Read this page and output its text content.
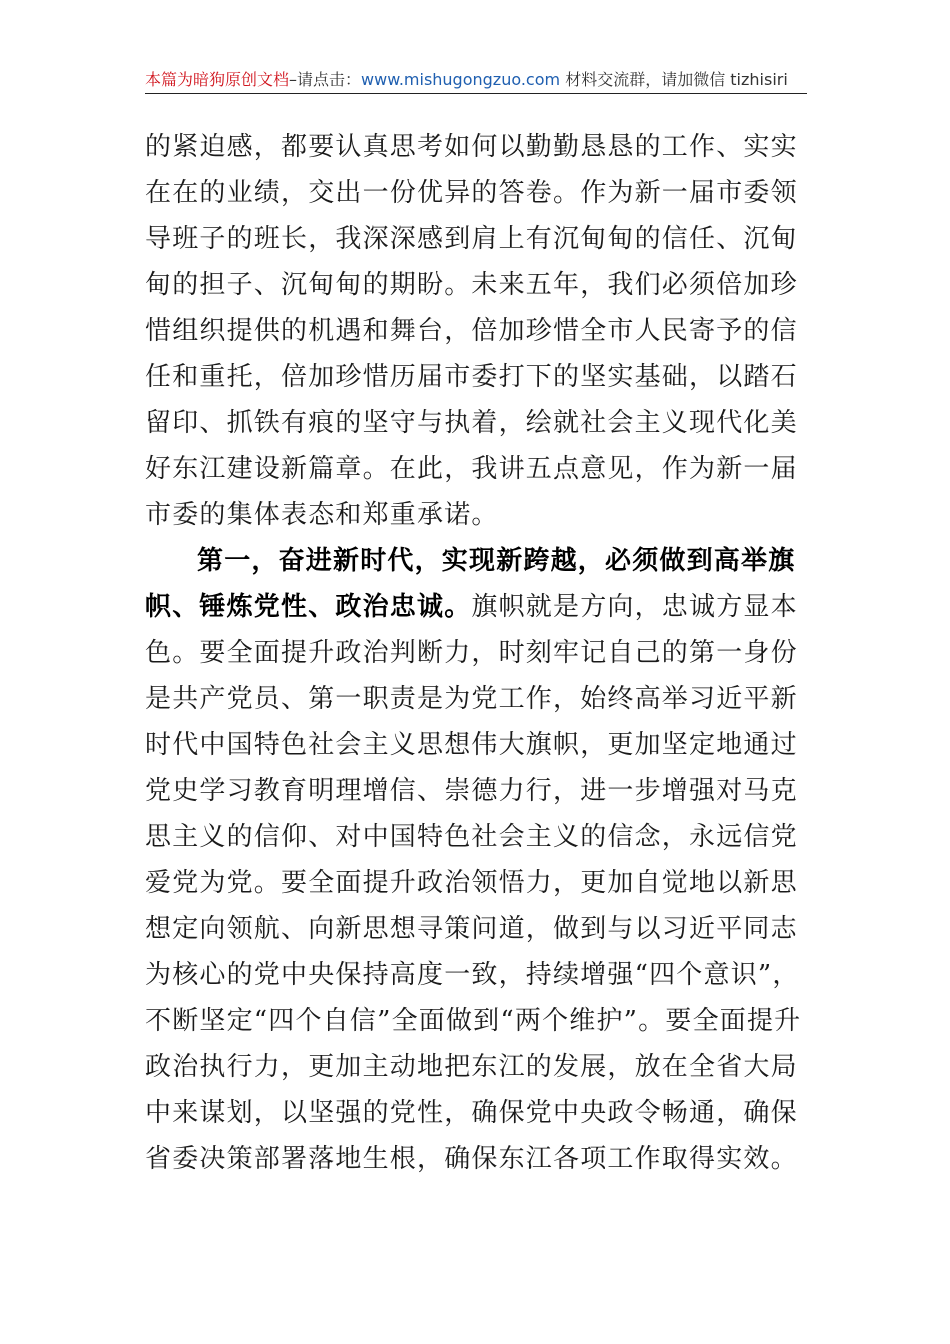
本篇为暗狗原创文档–请点击：www.mishugongzuo.com 材料交流群，请加微信 tizhisiri

的紧迫感，都要认真思考如何以勤勤恳恳的工作、实实在在的业绩，交出一份优异的答卷。作为新一届市委领导班子的班长，我深深感到肩上有沉甸甸的信任、沉甸甸的担子、沉甸甸的期盼。未来五年，我们必须倍加珍惜组织提供的机遇和舞台，倍加珍惜全市人民寄予的信任和重托，倍加珍惜历届市委打下的坚实基础，以踏石留印、抓铁有痕的坚守与执着，绘就社会主义现代化美好东江建设新篇章。在此，我讲五点意见，作为新一届市委的集体表态和郑重承诺。

第一，奋进新时代，实现新跨越，必须做到高举旗帜、锤炼党性、政治忠诚。旗帜就是方向，忠诚方显本色。要全面提升政治判断力，时刻牢记自己的第一身份是共产党员、第一职责是为党工作，始终高举习近平新时代中国特色社会主义思想伟大旗帜，更加坚定地通过党史学习教育明理增信、崇德力行，进一步增强对马克思主义的信仰、对中国特色社会主义的信念，永远信党爱党为党。要全面提升政治领悟力，更加自觉地以新思想定向领航、向新思想寻策问道，做到与以习近平同志为核心的党中央保持高度一致，持续增强“四个意识”，不断坚定“四个自信”全面做到“两个维护”。要全面提升政治执行力，更加主动地把东江的发展，放在全省大局中来谋划，以坚强的党性，确保党中央政令畅通，确保省委决策部署落地生根，确保东江各项工作取得实效。
